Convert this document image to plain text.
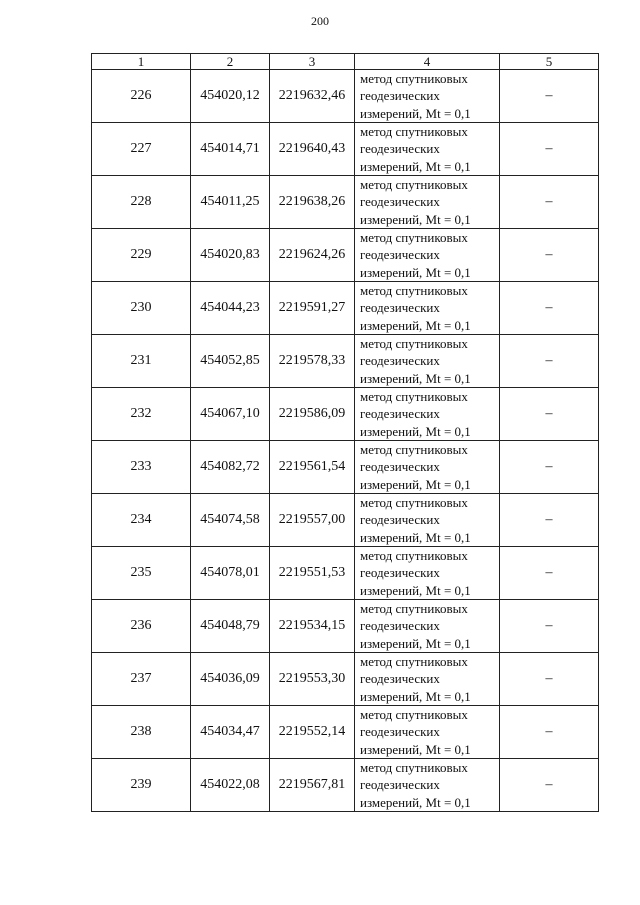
200
1	2	3	4	5
226	454020,12	2219632,46	метод спутниковых
геодезических
измерений, Mt = 0,1	–
227	454014,71	2219640,43	метод спутниковых
геодезических
измерений, Mt = 0,1	–
228	454011,25	2219638,26	метод спутниковых
геодезических
измерений, Mt = 0,1	–
229	454020,83	2219624,26	метод спутниковых
геодезических
измерений, Mt = 0,1	–
230	454044,23	2219591,27	метод спутниковых
геодезических
измерений, Mt = 0,1	–
231	454052,85	2219578,33	метод спутниковых
геодезических
измерений, Mt = 0,1	–
232	454067,10	2219586,09	метод спутниковых
геодезических
измерений, Mt = 0,1	–
233	454082,72	2219561,54	метод спутниковых
геодезических
измерений, Mt = 0,1	–
234	454074,58	2219557,00	метод спутниковых
геодезических
измерений, Mt = 0,1	–
235	454078,01	2219551,53	метод спутниковых
геодезических
измерений, Mt = 0,1	–
236	454048,79	2219534,15	метод спутниковых
геодезических
измерений, Mt = 0,1	–
237	454036,09	2219553,30	метод спутниковых
геодезических
измерений, Mt = 0,1	–
238	454034,47	2219552,14	метод спутниковых
геодезических
измерений, Mt = 0,1	–
239	454022,08	2219567,81	метод спутниковых
геодезических
измерений, Mt = 0,1	–
